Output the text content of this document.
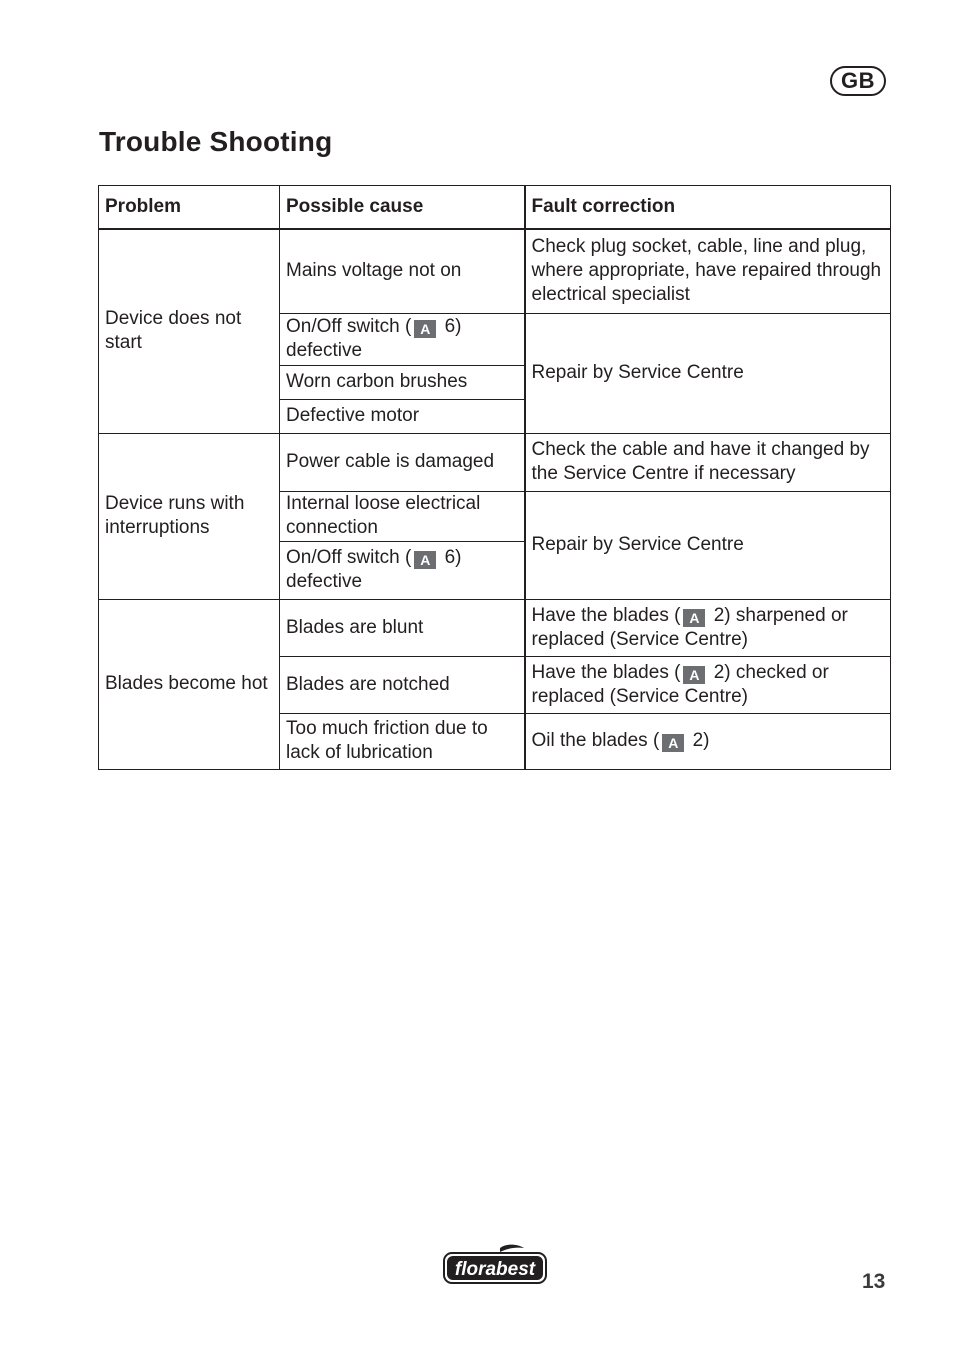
GB
Trouble Shooting
Problem	Possible cause	Fault correction
Device does not start	Mains voltage not on	Check plug socket, cable, line and plug, where appropriate, have repaired through electrical specialist
	On/Off switch ( A 6) defective	Repair by Service Centre
	Worn carbon brushes	
	Defective motor	
Device runs with interruptions	Power cable is damaged	Check the cable and have it changed by the Service Centre if necessary
	Internal loose electrical connection	Repair by Service Centre
	On/Off switch ( A 6) defective	
Blades become hot	Blades are blunt	Have the blades ( A 2) sharpened or replaced (Service Centre)
	Blades are notched	Have the blades ( A 2) checked or replaced (Service Centre)
	Too much friction due to lack of lubrication	Oil the blades ( A 2)
florabest
13
